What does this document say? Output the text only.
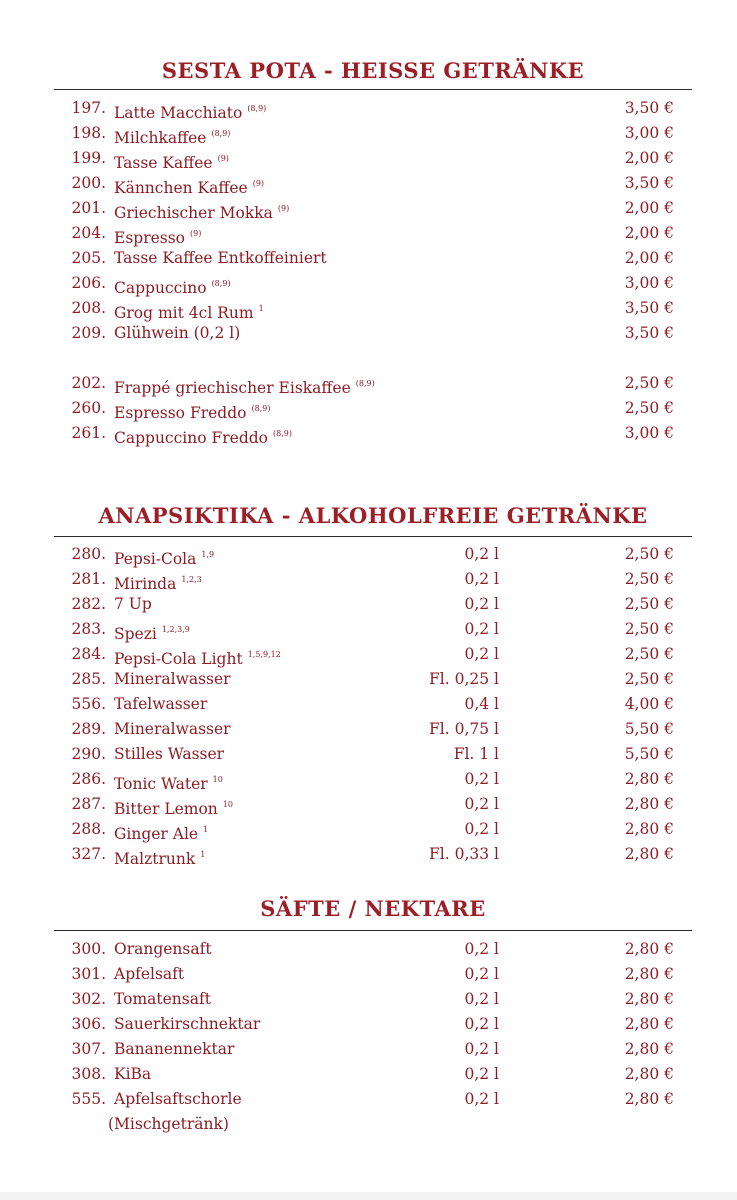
SESTA POTA - HEISSE GETRÄNKE
ANAPSIKTIKA - ALKOHOLFREIE GETRÄNKE
SÄFTE / NEKTARE
197. Latte Macchiato $^{(8,9)}$	3,50 €
198. Milchkaffee $^{(8,9)}$	3,00 €
199. Tasse Kaffee $^{(9)}$	2,00 €
200. Kännchen Kaffee $^{(9)}$	3,50 €
201. Griechischer Mokka $^{(9)}$	2,00 €
204. Espresso $^{(9)}$	2,00 €
205. Tasse Kaffee Entkoffeiniert	2,00 €
206. Cappuccino $^{(8,9)}$	3,00 €
208. Grog mit 4cl Rum $^1$	3,50 €
209. Glühwein (0,2 l)	3,50 €
202. Frappé griechischer Eiskaffee $^{(8,9)}$	2,50 €
260. Espresso Freddo $^{(8,9)}$	2,50 €
261. Cappuccino Freddo $^{(8,9)}$	3,00 €
280. Pepsi-Cola $^{1,9}$	0,2 l	2,50 €
281. Mirinda $^{1,2,3}$	0,2 l	2,50 €
282. 7 Up	0,2 l	2,50 €
283. Spezi $^{1,2,3,9}$	0,2 l	2,50 €
284. Pepsi-Cola Light $^{1,5,9,12}$	0,2 l	2,50 €
285. Mineralwasser	Fl. 0,25 l	2,50 €
556. Tafelwasser	0,4 l	4,00 €
289. Mineralwasser	Fl. 0,75 l	5,50 €
290. Stilles Wasser	Fl. 1 l	5,50 €
286. Tonic Water $^{10}$	0,2 l	2,80 €
287. Bitter Lemon $^{10}$	0,2 l	2,80 €
288. Ginger Ale $^1$	0,2 l	2,80 €
327. Malztrunk $^1$	Fl. 0,33 l	2,80 €
300. Orangensaft	0,2 l	2,80 €
301. Apfelsaft	0,2 l	2,80 €
302. Tomatensaft	0,2 l	2,80 €
306. Sauerkirschnektar	0,2 l	2,80 €
307. Bananennektar	0,2 l	2,80 €
308. KiBa	0,2 l	2,80 €
555. Apfelsaftschorle	0,2 l	2,80 €
(Mischgetränk)
